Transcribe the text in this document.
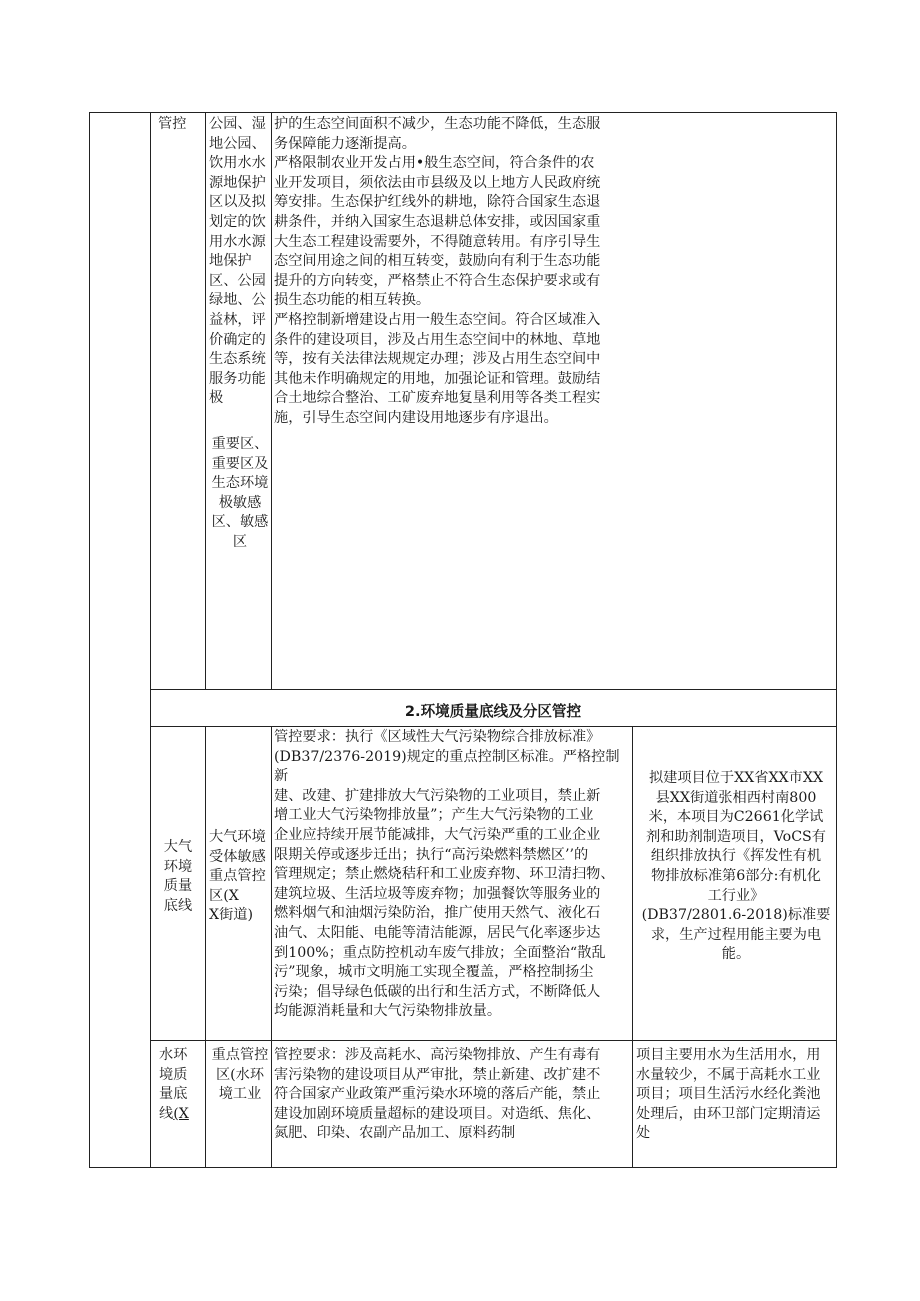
管控	公园、湿
地公园、
饮用水水
源地保护
区以及拟
划定的饮
用水水源
地保护
区、公园
绿地、公
益林，评
价确定的
生态系统
服务功能
极
重要区、
重要区及
生态环境
极敏感
区、敏感
区
护的生态空间面积不减少，生态功能不降低，生态服
务保障能力逐渐提高。
严格限制农业开发占用•般生态空间，符合条件的农
业开发项目，须依法由市县级及以上地方人民政府统
筹安排。生态保护红线外的耕地，除符合国家生态退
耕条件，并纳入国家生态退耕总体安排，或因国家重
大生态工程建设需要外，不得随意转用。有序引导生
态空间用途之间的相互转变，鼓励向有利于生态功能
提升的方向转变，严格禁止不符合生态保护要求或有
损生态功能的相互转换。
严格控制新增建设占用一般生态空间。符合区域准入
条件的建设项目，涉及占用生态空间中的林地、草地
等，按有关法律法规规定办理；涉及占用生态空间中
其他未作明确规定的用地，加强论证和管理。鼓励结
合土地综合整治、工矿废弃地复垦利用等各类工程实
施，引导生态空间内建设用地逐步有序退出。
2.环境质量底线及分区管控
大气
环境
质量
底线
大气环境
受体敏感
重点管控
区(X
X街道)
管控要求：执行《区域性大气污染物综合排放标准》
(DB37/2376-2019)规定的重点控制区标准。严格控制新
建、改建、扩建排放大气污染物的工业项目，禁止新
增工业大气污染物排放量”；产生大气污染物的工业
企业应持续开展节能减排，大气污染严重的工业企业
限期关停或逐步迁出；执行“高污染燃料禁燃区’’的
管理规定；禁止燃烧秸秆和工业废弃物、环卫清扫物、
建筑垃圾、生活垃圾等废弃物；加强餐饮等服务业的
燃料烟气和油烟污染防治，推广使用天然气、液化石
油气、太阳能、电能等清洁能源，居民气化率逐步达
到100%；重点防控机动车废气排放；全面整治“散乱
污”现象，城市文明施工实现全覆盖，严格控制扬尘
污染；倡导绿色低碳的出行和生活方式，不断降低人
均能源消耗量和大气污染物排放量。
拟建项目位于XX省XX市XX
县XX街道张相西村南800
米，本项目为C2661化学试
剂和助剂制造项目，VoCS有
组织排放执行《挥发性有机
物排放标准第6部分:有机化
工行业》
(DB37/2801.6-2018)标准要
求，生产过程用能主要为电
能。
水环
境质
量底
线(X
重点管控
区(水环
境工业
管控要求：涉及高耗水、高污染物排放、产生有毒有
害污染物的建设项目从严审批，禁止新建、改扩建不
符合国家产业政策严重污染水环境的落后产能，禁止
建设加剧环境质量超标的建设项目。对造纸、焦化、
氮肥、印染、农副产品加工、原料药制
项目主要用水为生活用水，用
水量较少，不属于高耗水工业
项目；项目生活污水经化粪池
处理后，由环卫部门定期清运
处
